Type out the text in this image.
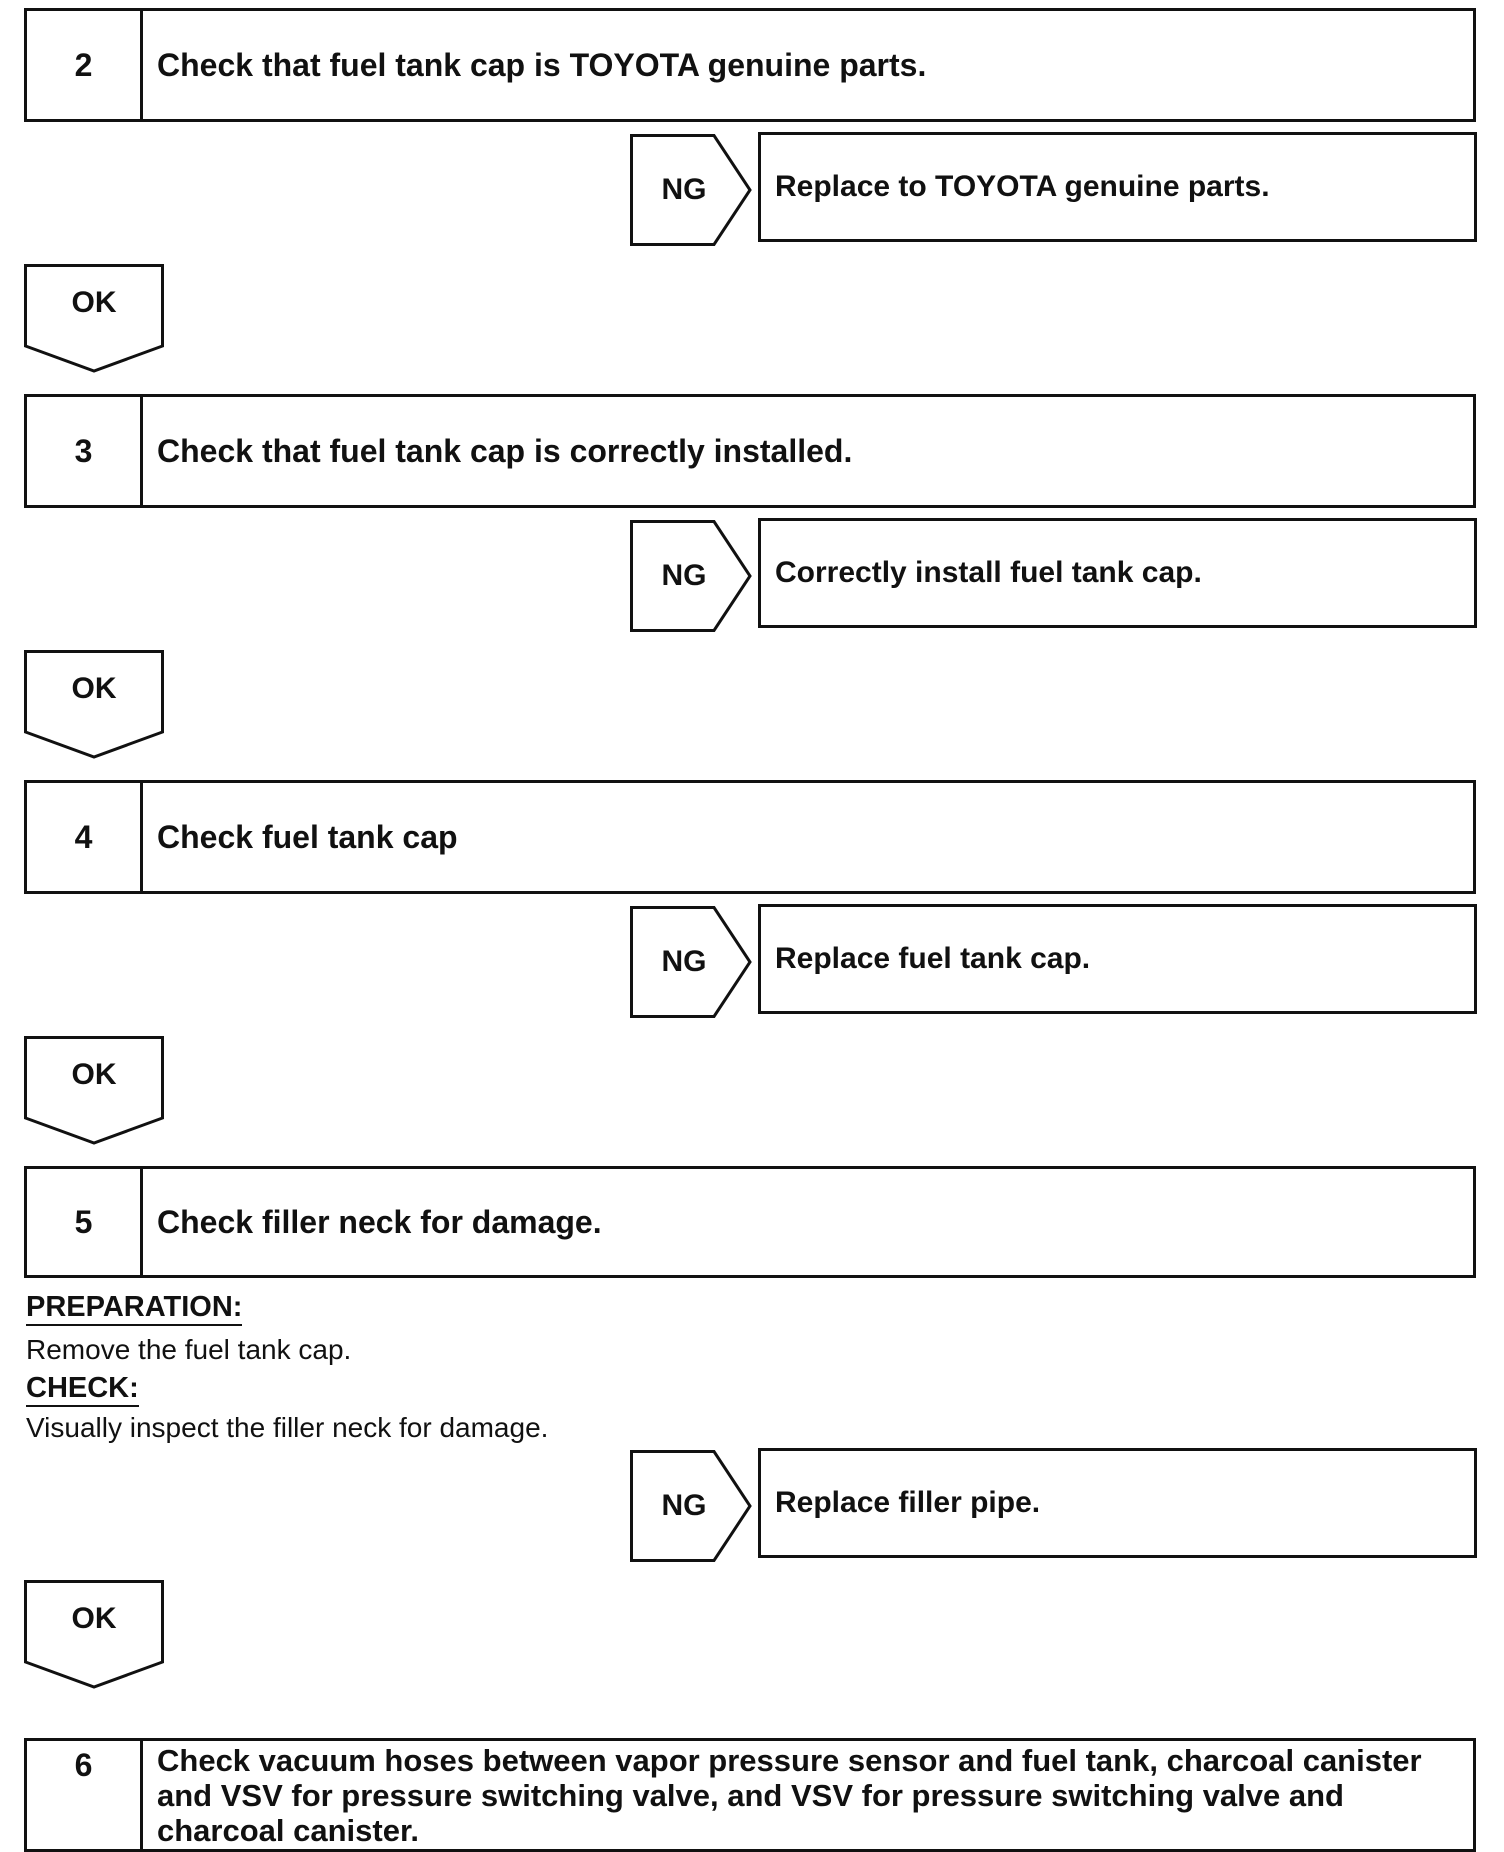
2	Check that fuel tank cap is TOYOTA genuine parts.
NG	Replace to TOYOTA genuine parts.
OK
3	Check that fuel tank cap is correctly installed.
NG	Correctly install fuel tank cap.
OK
4	Check fuel tank cap
NG	Replace fuel tank cap.
OK
5	Check filler neck for damage.
PREPARATION:
Remove the fuel tank cap.
CHECK:
Visually inspect the filler neck for damage.
NG	Replace filler pipe.
OK
6	Check vacuum hoses between vapor pressure sensor and fuel tank, charcoal canister and VSV for pressure switching valve, and VSV for pressure switching valve and charcoal canister.
